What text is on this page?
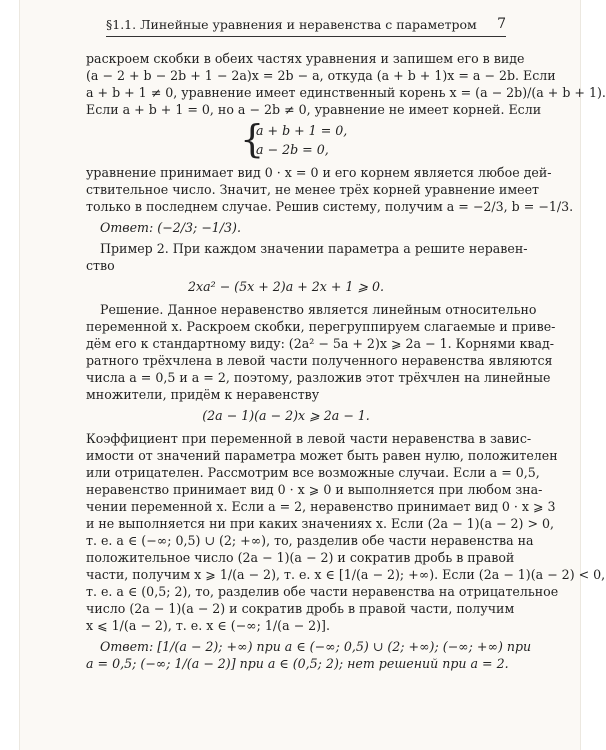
§1.1. Линейные уравнения и неравенства с параметром 7
раскроем скобки в обеих частях уравнения и запишем его в виде
(a − 2 + b − 2b + 1 − 2a)x = 2b − a, откуда (a + b + 1)x = a − 2b. Если
a + b + 1 ≠ 0, уравнение имеет единственный корень x = (a − 2b)/(a + b + 1).
Если a + b + 1 = 0, но a − 2b ≠ 0, уравнение не имеет корней. Если
{
a + b + 1 = 0,
a − 2b = 0,
уравнение принимает вид 0 · x = 0 и его корнем является любое дей-
ствительное число. Значит, не менее трёх корней уравнение имеет
только в последнем случае. Решив систему, получим a = −2/3, b = −1/3.
Ответ: (−2/3; −1/3).
Пример 2. При каждом значении параметра a решите неравен-
ство
2xa² − (5x + 2)a + 2x + 1 ⩾ 0.
Решение. Данное неравенство является линейным относительно
переменной x. Раскроем скобки, перегруппируем слагаемые и приве-
дём его к стандартному виду: (2a² − 5a + 2)x ⩾ 2a − 1. Корнями квад-
ратного трёхчлена в левой части полученного неравенства являются
числа a = 0,5 и a = 2, поэтому, разложив этот трёхчлен на линейные
множители, придём к неравенству
(2a − 1)(a − 2)x ⩾ 2a − 1.
Коэффициент при переменной в левой части неравенства в завис-
имости от значений параметра может быть равен нулю, положителен
или отрицателен. Рассмотрим все возможные случаи. Если a = 0,5,
неравенство принимает вид 0 · x ⩾ 0 и выполняется при любом зна-
чении переменной x. Если a = 2, неравенство принимает вид 0 · x ⩾ 3
и не выполняется ни при каких значениях x. Если (2a − 1)(a − 2) > 0,
т. е. a ∈ (−∞; 0,5) ∪ (2; +∞), то, разделив обе части неравенства на
положительное число (2a − 1)(a − 2) и сократив дробь в правой
части, получим x ⩾ 1/(a − 2), т. е. x ∈ [1/(a − 2); +∞). Если (2a − 1)(a − 2) < 0,
т. е. a ∈ (0,5; 2), то, разделив обе части неравенства на отрицательное
число (2a − 1)(a − 2) и сократив дробь в правой части, получим
x ⩽ 1/(a − 2), т. е. x ∈ (−∞; 1/(a − 2)].
Ответ: [1/(a − 2); +∞) при a ∈ (−∞; 0,5) ∪ (2; +∞); (−∞; +∞) при
a = 0,5; (−∞; 1/(a − 2)] при a ∈ (0,5; 2); нет решений при a = 2.
